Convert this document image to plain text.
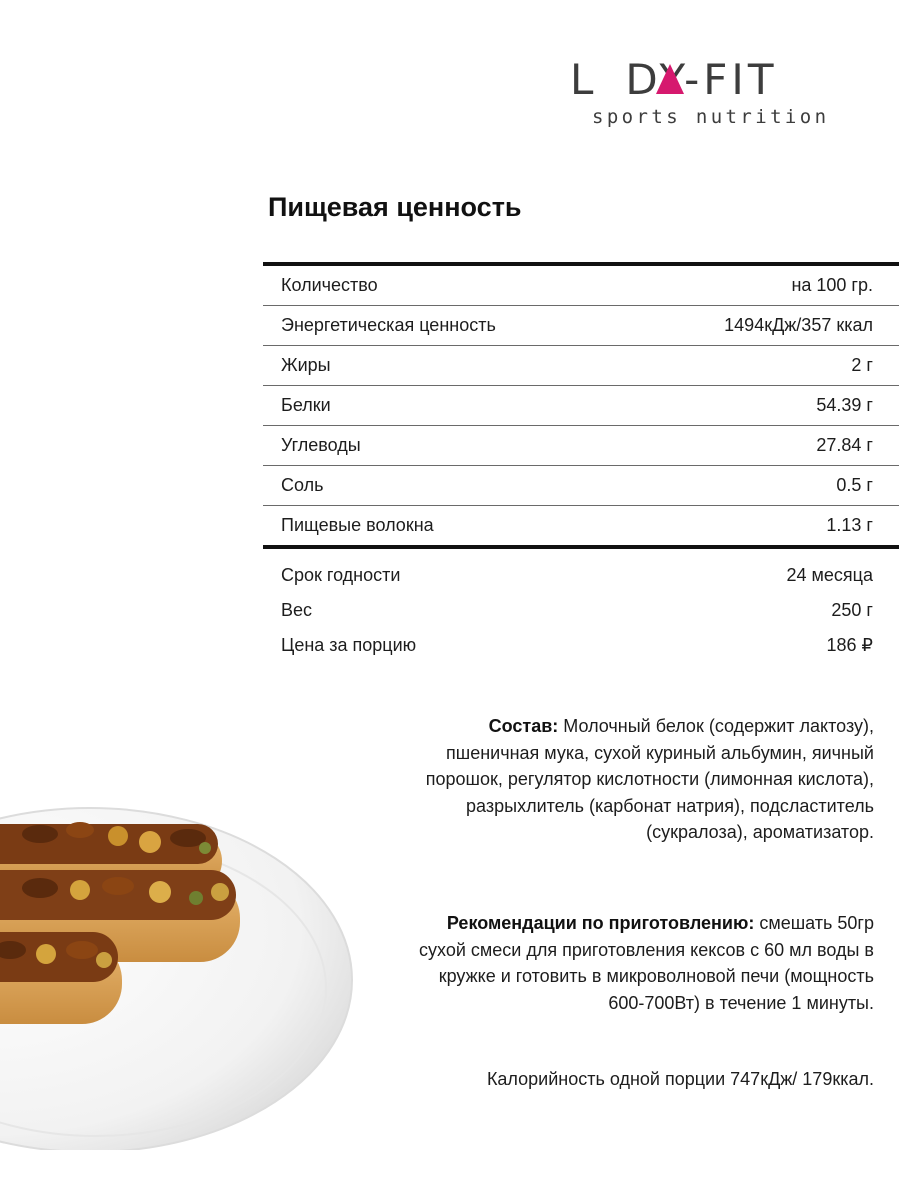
L DY-FIT
sports nutrition
Пищевая ценность
Количество	на 100 гр.
Энергетическая ценность	1494кДж/357 ккал
Жиры	2 г
Белки	54.39 г
Углеводы	27.84 г
Соль	0.5 г
Пищевые волокна	1.13 г
Срок годности	24 месяца
Вес	250 г
Цена за порцию	186 ₽

Состав: Молочный белок (содержит лактозу), пшеничная мука, сухой куриный альбумин, яичный порошок, регулятор кислотности (лимонная кислота), разрыхлитель (карбонат натрия), подсластитель (сукралоза), ароматизатор.

Рекомендации по приготовлению: смешать 50гр сухой смеси для приготовления кексов с 60 мл воды в кружке и готовить в микроволновой печи (мощность 600-700Вт) в течение 1 минуты.

Калорийность одной порции 747кДж/ 179ккал.
